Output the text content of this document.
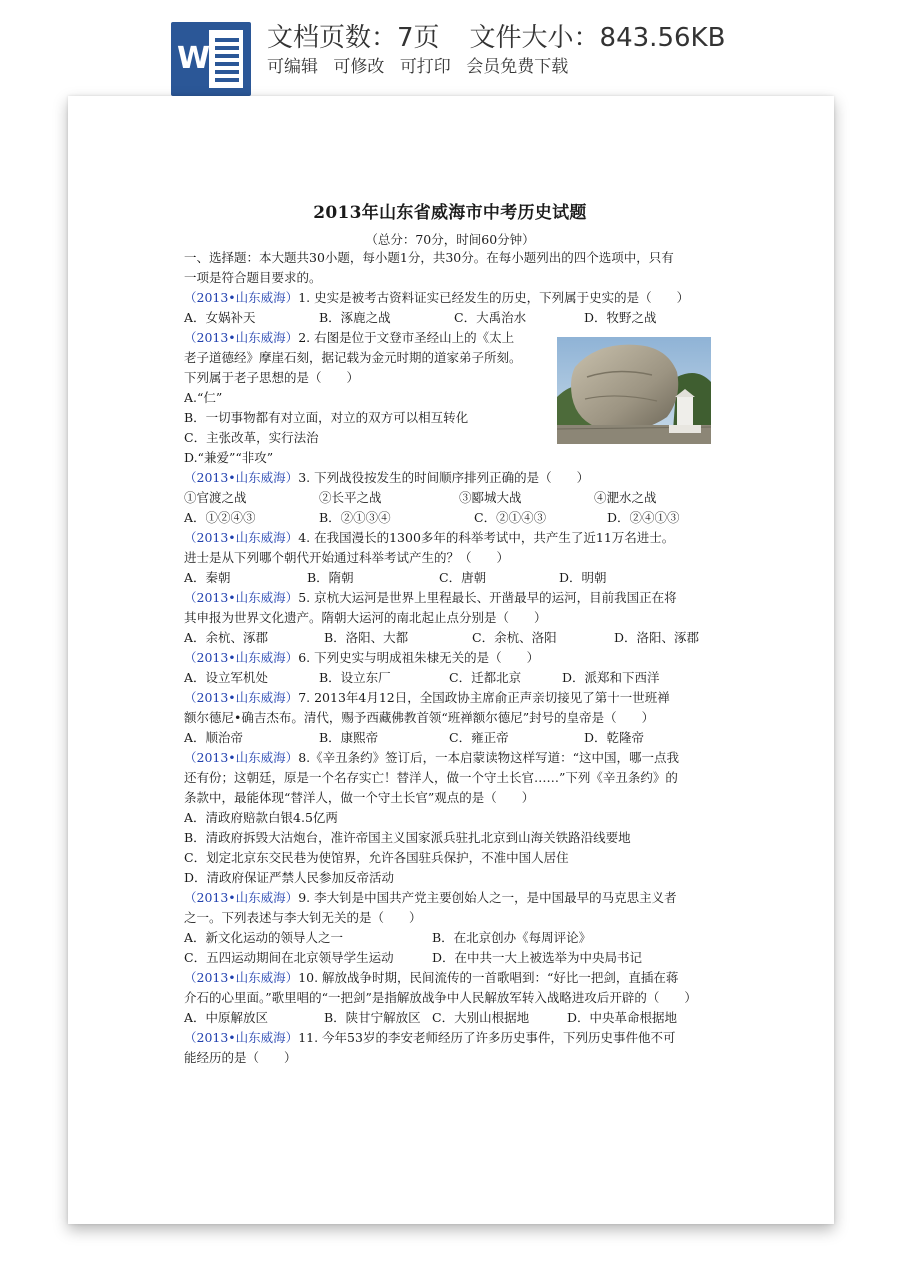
W
文档页数：7页 文件大小：843.56KB
可编辑 可修改 可打印 会员免费下载
2013年山东省威海市中考历史试题
（总分：70分，时间60分钟）
一、选择题：本大题共30小题，每小题1分，共30分。在每小题列出的四个选项中，只有
一项是符合题目要求的。
（2013•山东威海）1. 史实是被考古资料证实已经发生的历史，下列属于史实的是（　　）
A．女娲补天	B．涿鹿之战	C．大禹治水	D．牧野之战
（2013•山东威海）2. 右图是位于文登市圣经山上的《太上
老子道德经》摩崖石刻，据记载为金元时期的道家弟子所刻。
下列属于老子思想的是（　　）
A.“仁”
B．一切事物都有对立面，对立的双方可以相互转化
C．主张改革，实行法治
D.“兼爱”“非攻”
（2013•山东威海）3. 下列战役按发生的时间顺序排列正确的是（　　）
①官渡之战	②长平之战	③郾城大战	④淝水之战
A．①②④③	B．②①③④	C．②①④③	D．②④①③
（2013•山东威海）4. 在我国漫长的1300多年的科举考试中，共产生了近11万名进士。
进士是从下列哪个朝代开始通过科举考试产生的？（　　）
A．秦朝	B．隋朝	C．唐朝	D．明朝
（2013•山东威海）5. 京杭大运河是世界上里程最长、开凿最早的运河，目前我国正在将
其申报为世界文化遗产。隋朝大运河的南北起止点分别是（　　）
A．余杭、涿郡	B．洛阳、大都	C．余杭、洛阳	D．洛阳、涿郡
（2013•山东威海）6. 下列史实与明成祖朱棣无关的是（　　）
A．设立军机处	B．设立东厂	C．迁都北京	D．派郑和下西洋
（2013•山东威海）7. 2013年4月12日，全国政协主席俞正声亲切接见了第十一世班禅
额尔德尼•确吉杰布。清代，赐予西藏佛教首领“班禅额尔德尼”封号的皇帝是（　　）
A．顺治帝	B．康熙帝	C．雍正帝	D．乾隆帝
（2013•山东威海）8.《辛丑条约》签订后，一本启蒙读物这样写道：“这中国，哪一点我
还有份；这朝廷，原是一个名存实亡！替洋人，做一个守土长官……”下列《辛丑条约》的
条款中，最能体现“替洋人，做一个守土长官”观点的是（　　）
A．清政府赔款白银4.5亿两
B．清政府拆毁大沽炮台，准许帝国主义国家派兵驻扎北京到山海关铁路沿线要地
C．划定北京东交民巷为使馆界，允许各国驻兵保护，不准中国人居住
D．清政府保证严禁人民参加反帝活动
（2013•山东威海）9. 李大钊是中国共产党主要创始人之一，是中国最早的马克思主义者
之一。下列表述与李大钊无关的是（　　）
A．新文化运动的领导人之一	B．在北京创办《每周评论》
C．五四运动期间在北京领导学生运动	D．在中共一大上被选举为中央局书记
（2013•山东威海）10. 解放战争时期，民间流传的一首歌唱到：“好比一把剑，直插在蒋
介石的心里面。”歌里唱的“一把剑”是指解放战争中人民解放军转入战略进攻后开辟的（　　）
A．中原解放区	B．陕甘宁解放区 C．大别山根据地	D．中央革命根据地
（2013•山东威海）11. 今年53岁的李安老师经历了许多历史事件，下列历史事件他不可
能经历的是（　　）
